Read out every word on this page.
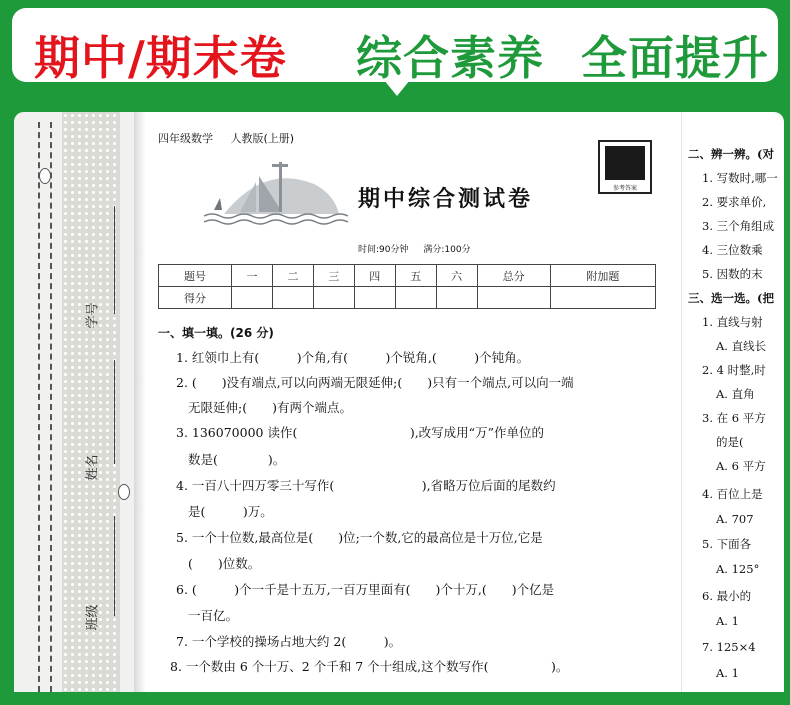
期中/期末卷 综合素养 全面提升
学号
姓名
班级
四年级数学 人教版(上册)
期中综合测试卷	参考答案
时间:90分钟 满分:100分
题号	一	二	三	四	五	六	总分	附加题
得分								
一、填一填。(26 分)
1. 红领巾上有(　　　)个角,有(　　　)个锐角,(　　　)个钝角。
2. (　　)没有端点,可以向两端无限延伸;(　　)只有一个端点,可以向一端
无限延伸;(　　)有两个端点。
3. 136070000 读作(　　　　　　　　　),改写成用“万”作单位的
数是(　　　　)。
4. 一百八十四万零三十写作(　　　　　　　),省略万位后面的尾数约
是(　　　)万。
5. 一个十位数,最高位是(　　)位;一个数,它的最高位是十万位,它是
(　　)位数。
6. (　　　)个一千是十五万,一百万里面有(　　)个十万,(　　)个亿是
一百亿。
7. 一个学校的操场占地大约 2(　　　)。
8. 一个数由 6 个十万、2 个千和 7 个十组成,这个数写作(　　　　　)。
二、辨一辨。(对
1. 写数时,哪一
2. 要求单价,
3. 三个角组成
4. 三位数乘
5. 因数的末
三、选一选。(把
1. 直线与射
A. 直线长
2. 4 时整,时
A. 直角
3. 在 6 平方
的是(
A. 6 平方
4. 百位上是
A. 707
5. 下面各
A. 125°
6. 最小的
A. 1
7. 125×4
A. 1
